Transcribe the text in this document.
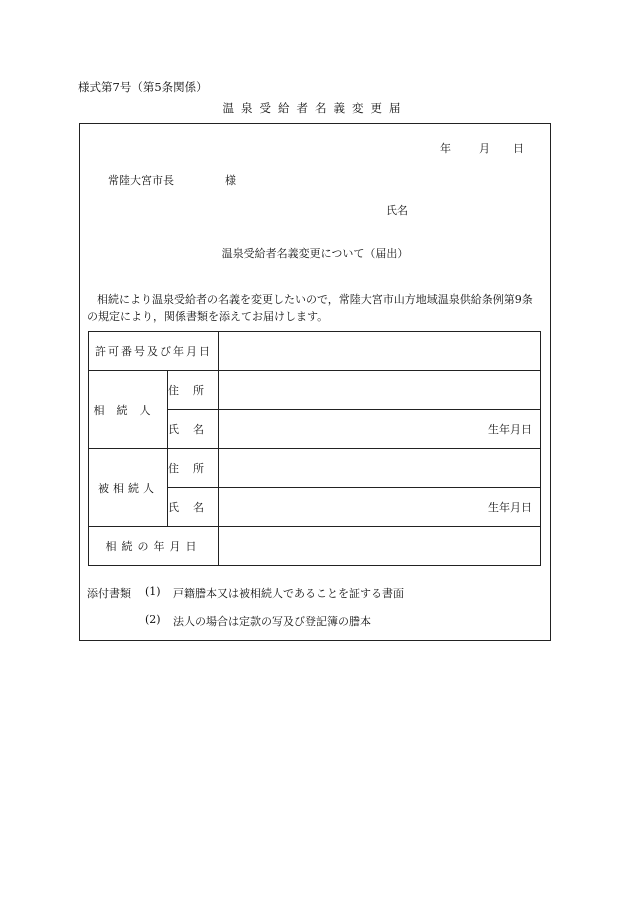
様式第7号（第5条関係）
温泉受給者名義変更届
年	月 日
常陸大宮市長	様
氏名
温泉受給者名義変更について（届出）
相続により温泉受給者の名義を変更したいので，常陸大宮市山方地域温泉供給条例第9条の規定により，関係書類を添えてお届けします。
許可番号及び年月日		
相続人	住所	
	氏名	生年月日
被相続人	住所	
	氏名	生年月日
相続の年月日		
添付書類 (1) 戸籍謄本又は被相続人であることを証する書面
(2) 法人の場合は定款の写及び登記簿の謄本
